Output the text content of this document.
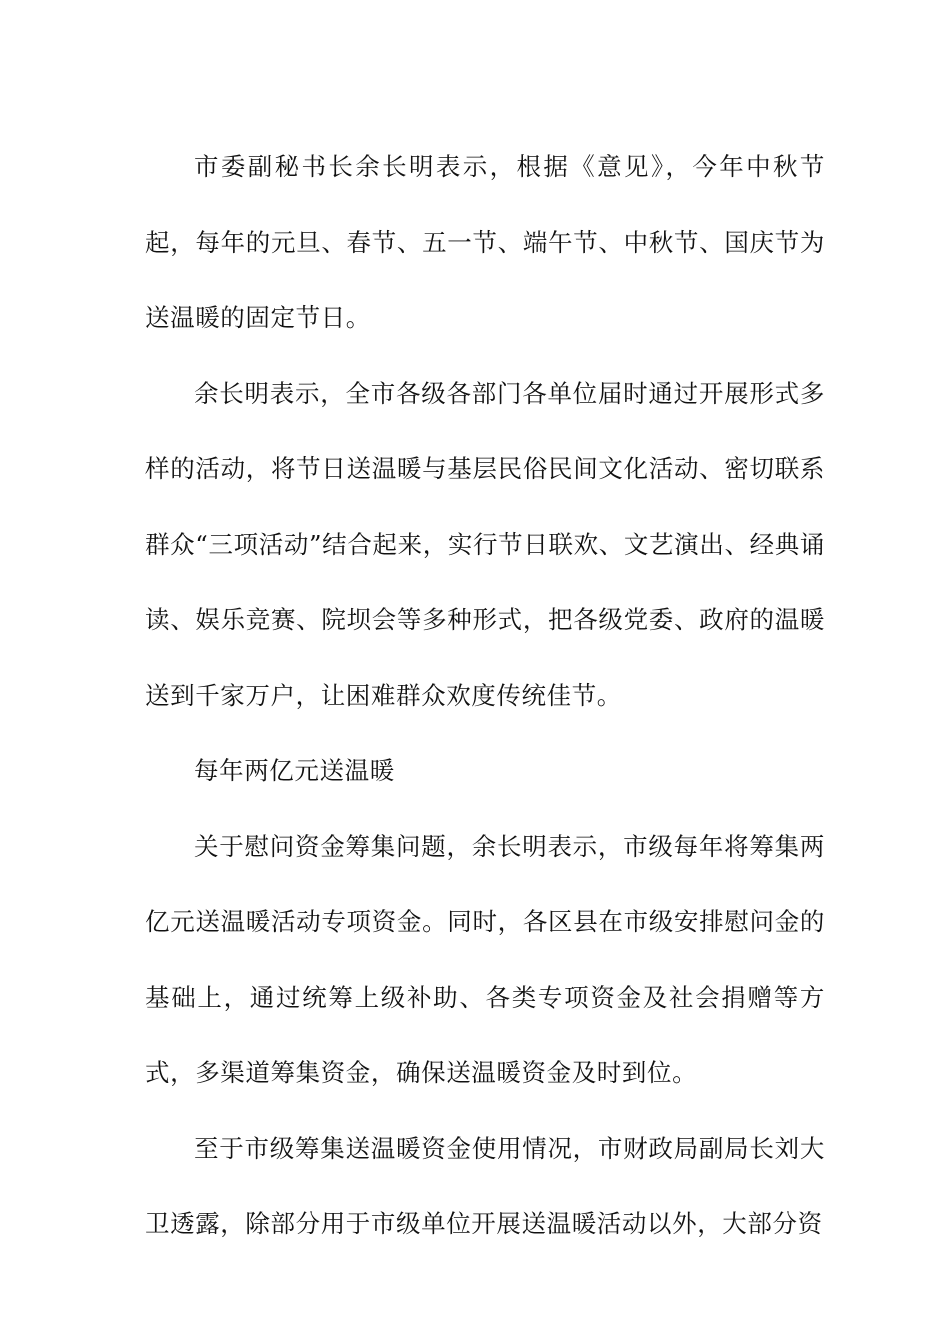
市委副秘书长余长明表示，根据《意见》，今年中秋节起，每年的元旦、春节、五一节、端午节、中秋节、国庆节为送温暖的固定节日。

余长明表示，全市各级各部门各单位届时通过开展形式多样的活动，将节日送温暖与基层民俗民间文化活动、密切联系群众“三项活动”结合起来，实行节日联欢、文艺演出、经典诵读、娱乐竞赛、院坝会等多种形式，把各级党委、政府的温暖送到千家万户，让困难群众欢度传统佳节。

每年两亿元送温暖

关于慰问资金筹集问题，余长明表示，市级每年将筹集两亿元送温暖活动专项资金。同时，各区县在市级安排慰问金的基础上，通过统筹上级补助、各类专项资金及社会捐赠等方式，多渠道筹集资金，确保送温暖资金及时到位。

至于市级筹集送温暖资金使用情况，市财政局副局长刘大卫透露，除部分用于市级单位开展送温暖活动以外，大部分资
